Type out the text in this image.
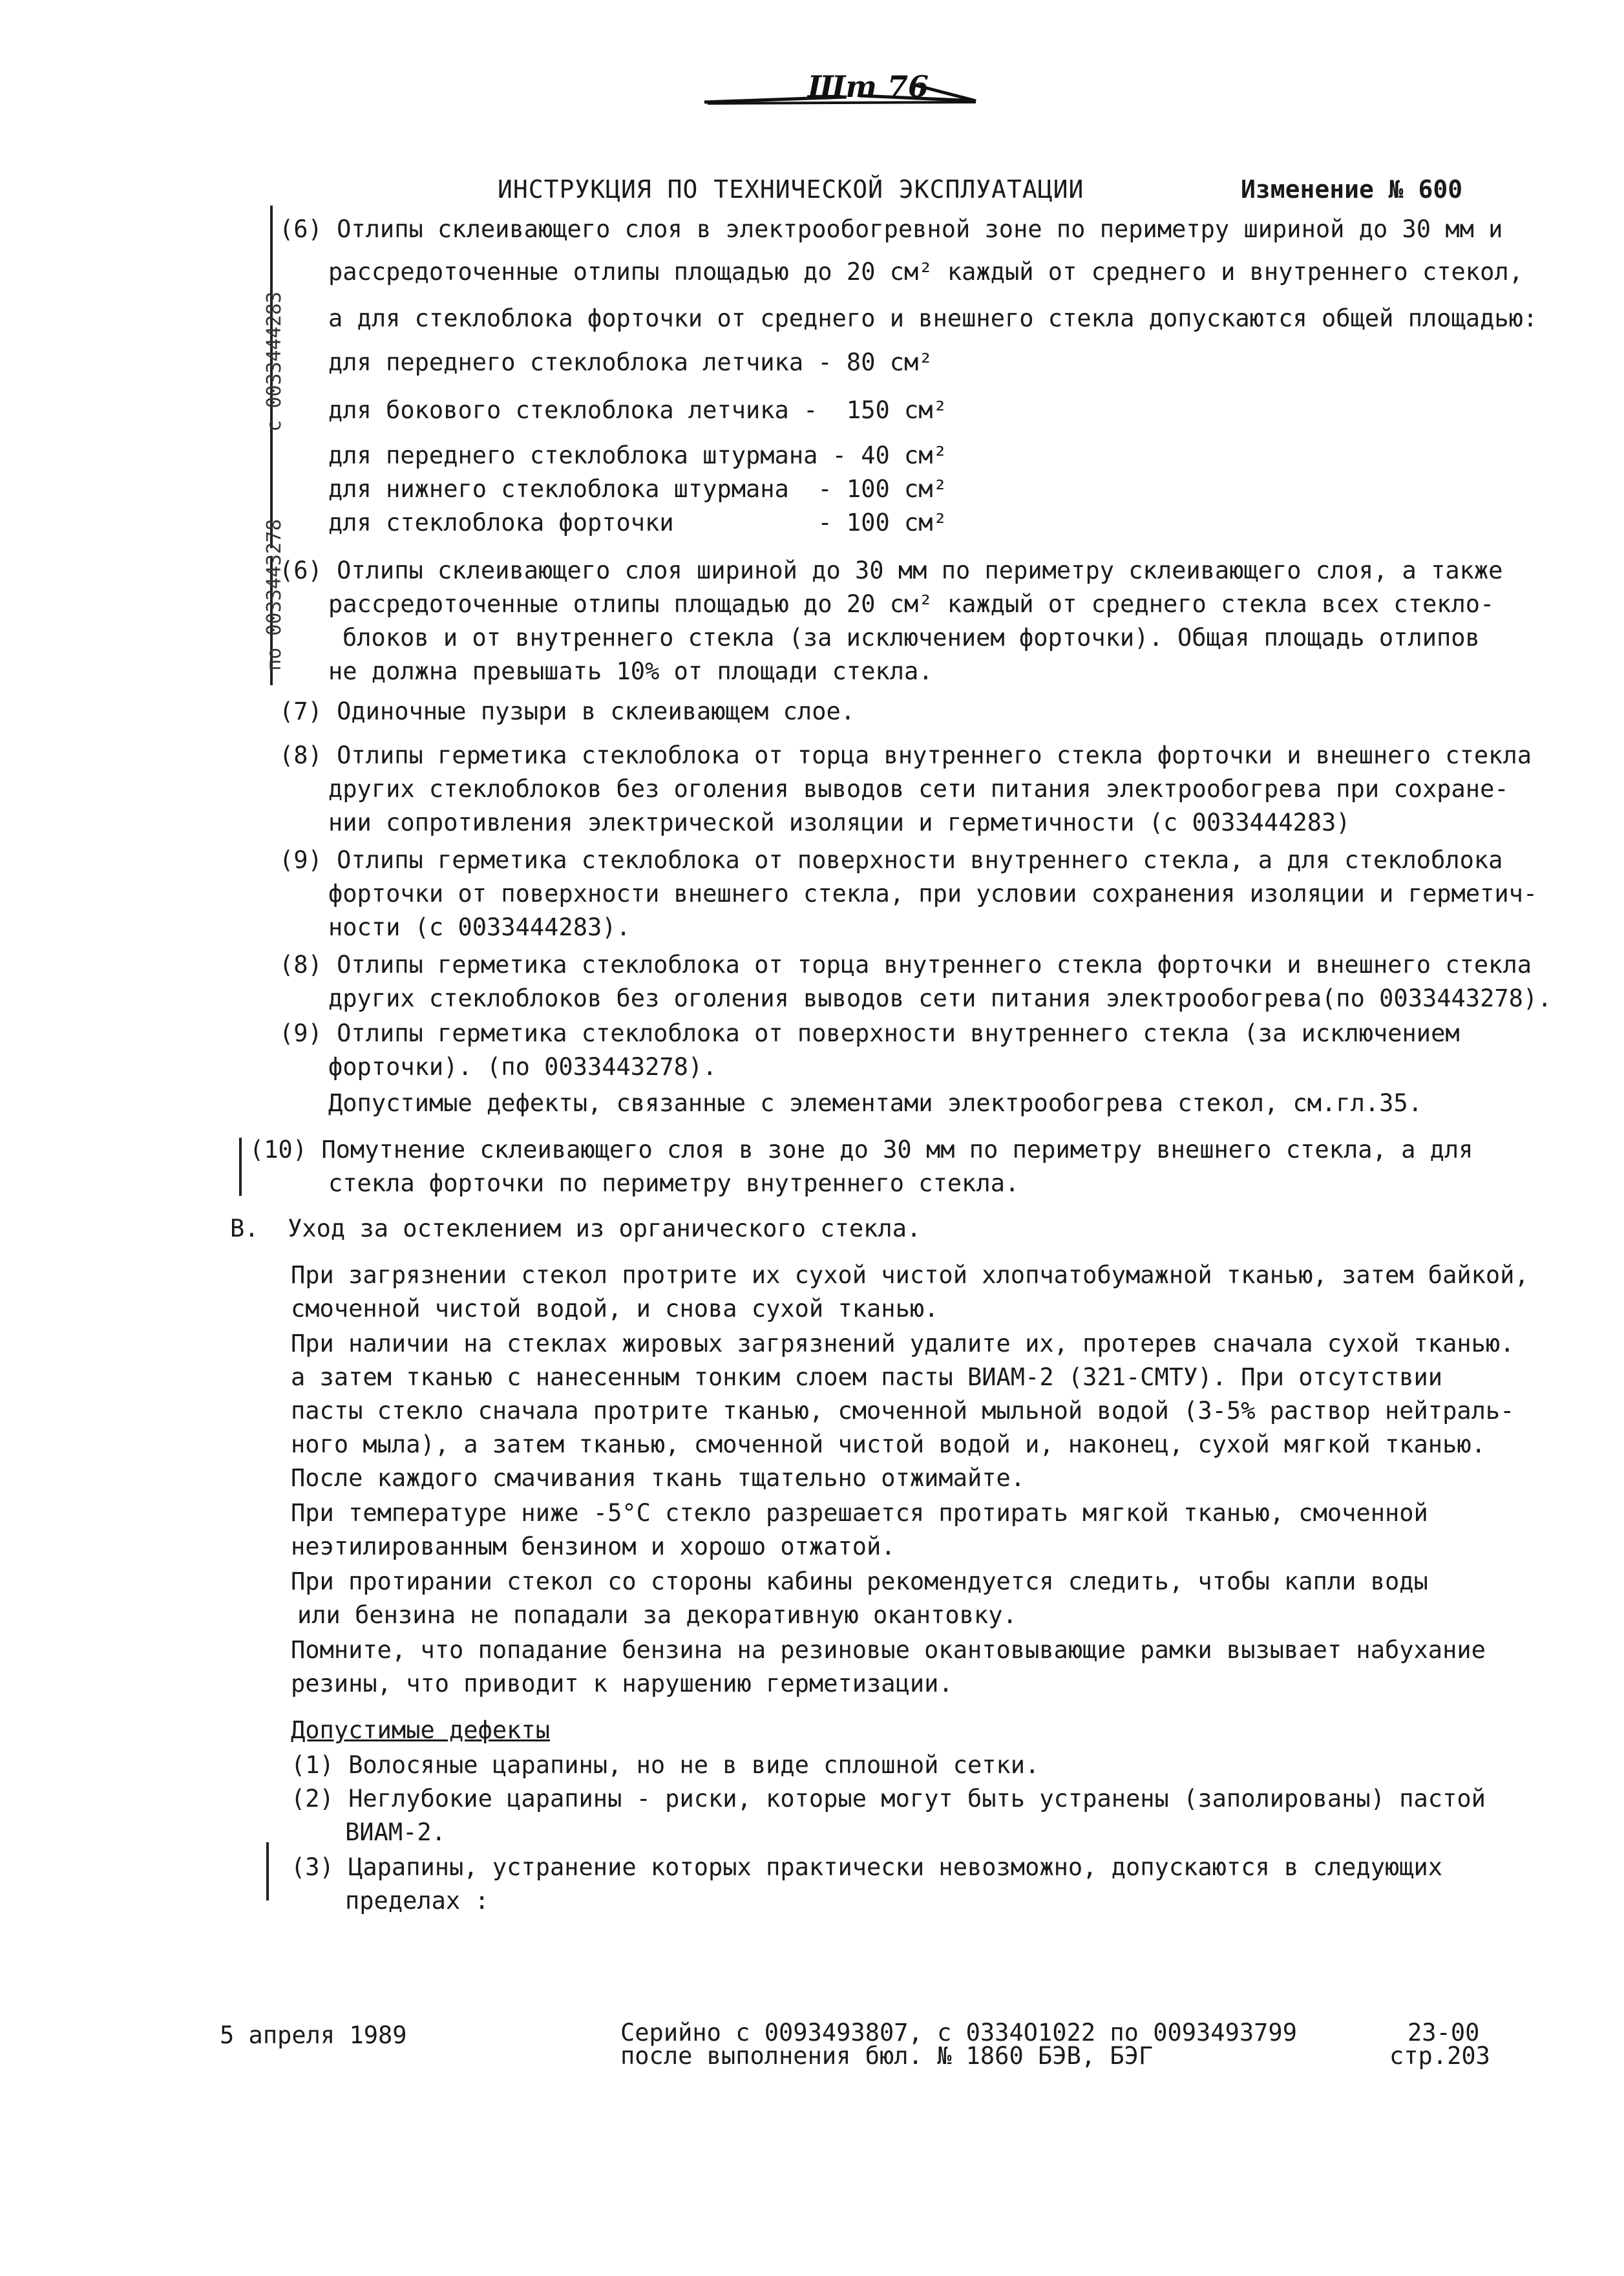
Шт 76
ИНСТРУКЦИЯ ПО ТЕХНИЧЕСКОЙ ЭКСПЛУАТАЦИИ	Изменение № 600

с 0033444283

по 0033443278

(6) Отлипы склеивающего слоя в электрообогревной зоне по периметру шириной до 30 мм и
рассредоточенные отлипы площадью до 20 см² каждый от среднего и внутреннего стекол,
а для стеклоблока форточки от среднего и внешнего стекла допускаются общей площадью:
для переднего стеклоблока летчика - 80 см²
для бокового стеклоблока летчика -  150 см²
для переднего стеклоблока штурмана - 40 см²
для нижнего стеклоблока штурмана  - 100 см²
для стеклоблока форточки          - 100 см²
(6) Отлипы склеивающего слоя шириной до 30 мм по периметру склеивающего слоя, а также
рассредоточенные отлипы площадью до 20 см² каждый от среднего стекла всех стекло-
блоков и от внутреннего стекла (за исключением форточки). Общая площадь отлипов
не должна превышать 10% от площади стекла.
(7) Одиночные пузыри в склеивающем слое.
(8) Отлипы герметика стеклоблока от торца внутреннего стекла форточки и внешнего стекла
других стеклоблоков без оголения выводов сети питания электрообогрева при сохране-
нии сопротивления электрической изоляции и герметичности (с 0033444283)
(9) Отлипы герметика стеклоблока от поверхности внутреннего стекла, а для стеклоблока
форточки от поверхности внешнего стекла, при условии сохранения изоляции и герметич-
ности (с 0033444283).
(8) Отлипы герметика стеклоблока от торца внутреннего стекла форточки и внешнего стекла
других стеклоблоков без оголения выводов сети питания электрообогрева(по 0033443278).
(9) Отлипы герметика стеклоблока от поверхности внутреннего стекла (за исключением
форточки). (по 0033443278).
Допустимые дефекты, связанные с элементами электрообогрева стекол, см.гл.35.
(10) Помутнение склеивающего слоя в зоне до 30 мм по периметру внешнего стекла, а для
стекла форточки по периметру внутреннего стекла.
В.  Уход за остеклением из органического стекла.
При загрязнении стекол протрите их сухой чистой хлопчатобумажной тканью, затем байкой,
смоченной чистой водой, и снова сухой тканью.
При наличии на стеклах жировых загрязнений удалите их, протерев сначала сухой тканью.
а затем тканью с нанесенным тонким слоем пасты ВИАМ-2 (321-СМТУ). При отсутствии
пасты стекло сначала протрите тканью, смоченной мыльной водой (3-5% раствор нейтраль-
ного мыла), а затем тканью, смоченной чистой водой и, наконец, сухой мягкой тканью.
После каждого смачивания ткань тщательно отжимайте.
При температуре ниже -5°С стекло разрешается протирать мягкой тканью, смоченной
неэтилированным бензином и хорошо отжатой.
При протирании стекол со стороны кабины рекомендуется следить, чтобы капли воды
или бензина не попадали за декоративную окантовку.
Помните, что попадание бензина на резиновые окантовывающие рамки вызывает набухание
резины, что приводит к нарушению герметизации.
Допустимые дефекты
(1) Волосяные царапины, но не в виде сплошной сетки.
(2) Неглубокие царапины - риски, которые могут быть устранены (заполированы) пастой
ВИАМ-2.
(3) Царапины, устранение которых практически невозможно, допускаются в следующих
пределах :
5 апреля 1989	Серийно с 0093493807, с 0334О1022 по 0093493799
после выполнения бюл. № 1860 БЭВ, БЭГ
23-00
стр.203
